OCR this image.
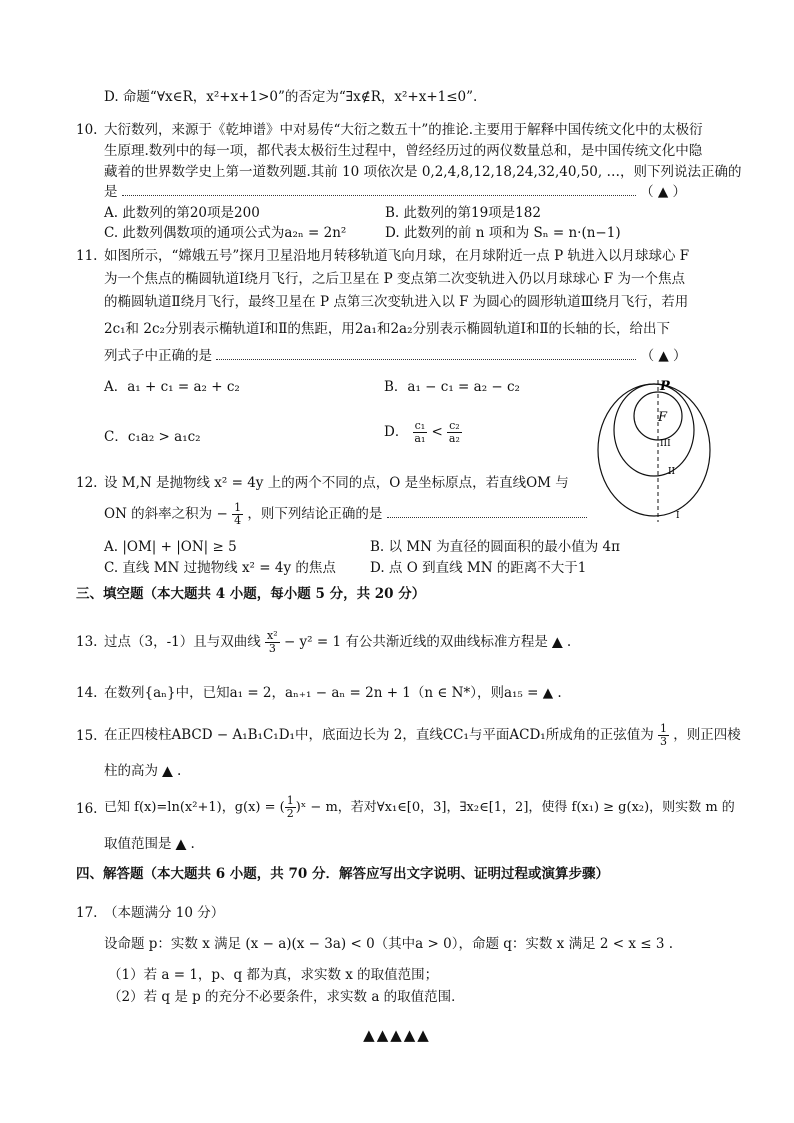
D. 命题“∀x∈R，x²+x+1>0”的否定为“∃x∉R，x²+x+1≤0”.
10. 大衍数列，来源于《乾坤谱》中对易传“大衍之数五十”的推论.主要用于解释中国传统文化中的太极衍
生原理.数列中的每一项，都代表太极衍生过程中，曾经经历过的两仪数量总和，是中国传统文化中隐
藏着的世界数学史上第一道数列题.其前 10 项依次是 0,2,4,8,12,18,24,32,40,50, …，则下列说法正确的
是	（ ▲ ）
A. 此数列的第20项是200	B. 此数列的第19项是182
C. 此数列偶数项的通项公式为a₂ₙ = 2n²	D. 此数列的前 n 项和为 Sₙ = n·(n−1)
11. 如图所示，“嫦娥五号”探月卫星沿地月转移轨道飞向月球，在月球附近一点 P 轨进入以月球球心 F
为一个焦点的椭圆轨道Ⅰ绕月飞行，之后卫星在 P 变点第二次变轨进入仍以月球球心 F 为一个焦点
的椭圆轨道Ⅱ绕月飞行，最终卫星在 P 点第三次变轨进入以 F 为圆心的圆形轨道Ⅲ绕月飞行，若用
2c₁和 2c₂分别表示椭轨道Ⅰ和Ⅱ的焦距，用2a₁和2a₂分别表示椭圆轨道Ⅰ和Ⅱ的长轴的长，给出下
列式子中正确的是	（ ▲ ）
A．a₁ + c₁ = a₂ + c₂	B．a₁ − c₁ = a₂ − c₂
C．c₁a₂ > a₁c₂	D． $\frac{\text{c₁}}{\text{a₁}} < \frac{\text{c₂}}{\text{a₂}}$
P
F
III
II
I
12. 设 M,N 是抛物线 x² = 4y 上的两个不同的点，O 是坐标原点，若直线OM 与
ON 的斜率之积为 − $\frac{1}{4}$ ，则下列结论正确的是
A. |OM| + |ON| ≥ 5	B. 以 MN 为直径的圆面积的最小值为 4π
C. 直线 MN 过抛物线 x² = 4y 的焦点	D. 点 O 到直线 MN 的距离不大于1
三、填空题（本大题共 4 小题，每小题 5 分，共 20 分）
13. 过点（3，-1）且与双曲线 $\frac{\text{x²}}{3} - y^2 = 1$ 有公共渐近线的双曲线标准方程是 ▲ .
14. 在数列{aₙ}中，已知a₁ = 2，aₙ₊₁ − aₙ = 2n + 1（n ∈ N*），则a₁₅ = ▲ .
15. 在正四棱柱ABCD − A₁B₁C₁D₁中，底面边长为 2，直线CC₁与平面ACD₁所成角的正弦值为 $\frac{1}{3}$ ，则正四棱
柱的高为 ▲ .
16. 已知 f(x)=ln(x²+1)，g(x) = ( $\frac{1}{2}$ )ˣ − m，若对∀x₁∈[0，3]，∃x₂∈[1，2]，使得 f(x₁) ≥ g(x₂)，则实数 m 的
取值范围是 ▲ .
四、解答题（本大题共 6 小题，共 70 分．解答应写出文字说明、证明过程或演算步骤）
17. （本题满分 10 分）
设命题 p：实数 x 满足 (x − a)(x − 3a) < 0（其中a > 0），命题 q：实数 x 满足 2 < x ≤ 3 .
（1）若 a = 1，p、q 都为真，求实数 x 的取值范围；
（2）若 q 是 p 的充分不必要条件，求实数 a 的取值范围．
▲▲▲▲▲
